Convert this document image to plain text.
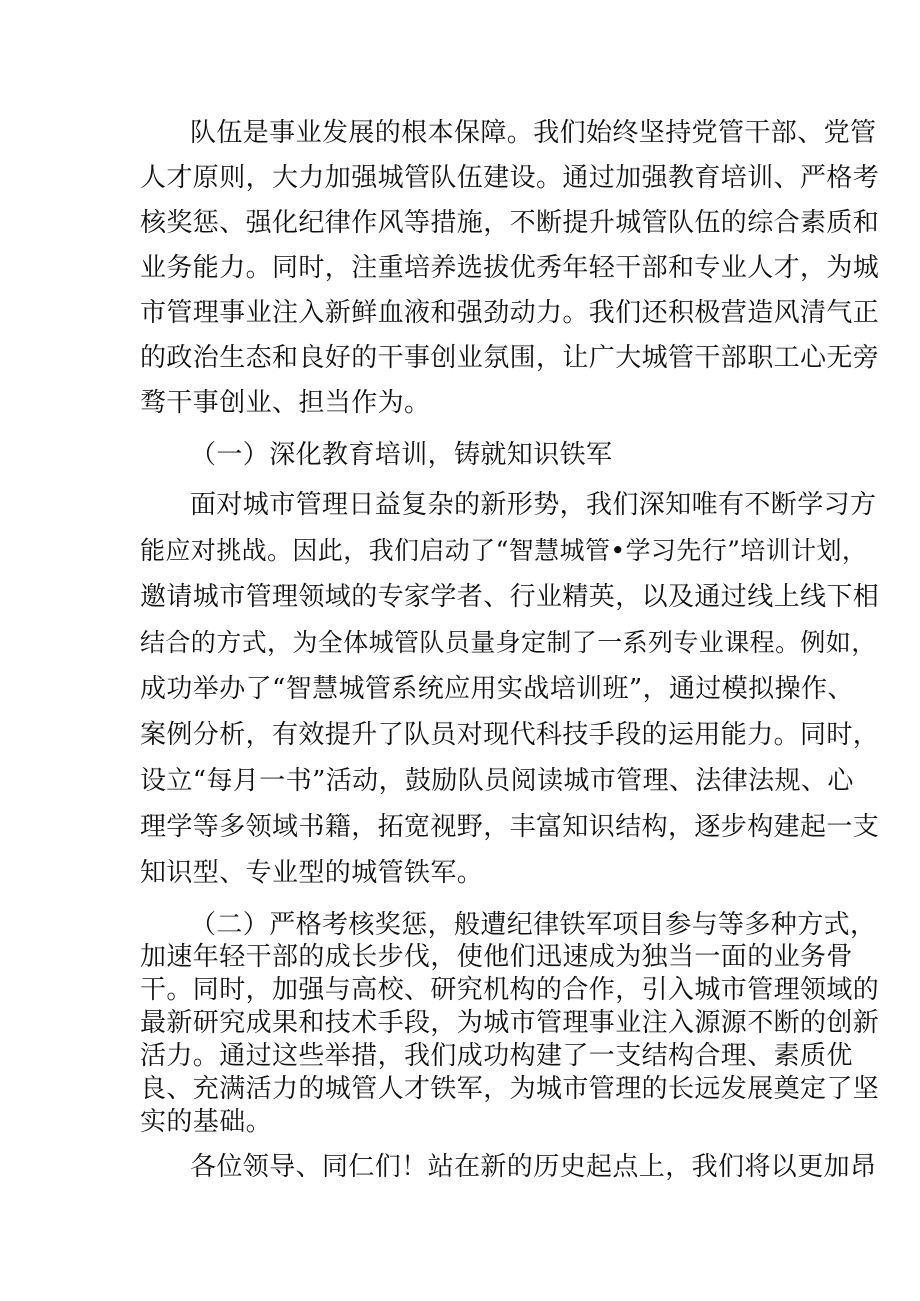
队伍是事业发展的根本保障。我们始终坚持党管干部、党管
人才原则，大力加强城管队伍建设。通过加强教育培训、严格考
核奖惩、强化纪律作风等措施，不断提升城管队伍的综合素质和
业务能力。同时，注重培养选拔优秀年轻干部和专业人才，为城
市管理事业注入新鲜血液和强劲动力。我们还积极营造风清气正
的政治生态和良好的干事创业氛围，让广大城管干部职工心无旁
骛干事创业、担当作为。
（一）深化教育培训，铸就知识铁军
面对城市管理日益复杂的新形势，我们深知唯有不断学习方
能应对挑战。因此，我们启动了“智慧城管•学习先行”培训计划，
邀请城市管理领域的专家学者、行业精英，以及通过线上线下相
结合的方式，为全体城管队员量身定制了一系列专业课程。例如，
成功举办了“智慧城管系统应用实战培训班”，通过模拟操作、
案例分析，有效提升了队员对现代科技手段的运用能力。同时，
设立“每月一书”活动，鼓励队员阅读城市管理、法律法规、心
理学等多领域书籍，拓宽视野，丰富知识结构，逐步构建起一支
知识型、专业型的城管铁军。
（二）严格考核奖惩，般遭纪律铁军项目参与等多种方式，
加速年轻干部的成长步伐，使他们迅速成为独当一面的业务骨
干。同时，加强与高校、研究机构的合作，引入城市管理领域的
最新研究成果和技术手段，为城市管理事业注入源源不断的创新
活力。通过这些举措，我们成功构建了一支结构合理、素质优
良、充满活力的城管人才铁军，为城市管理的长远发展奠定了坚
实的基础。
各位领导、同仁们！站在新的历史起点上，我们将以更加昂
